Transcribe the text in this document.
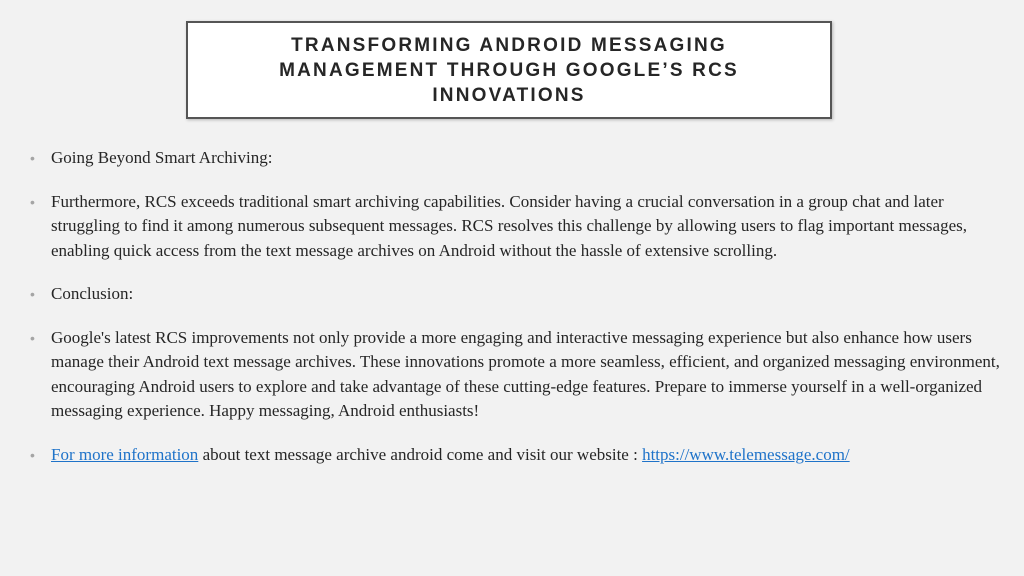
TRANSFORMING ANDROID MESSAGING MANAGEMENT THROUGH GOOGLE’S RCS INNOVATIONS

• Going Beyond Smart Archiving:

• Furthermore, RCS exceeds traditional smart archiving capabilities. Consider having a crucial conversation in a group chat and later struggling to find it among numerous subsequent messages. RCS resolves this challenge by allowing users to flag important messages, enabling quick access from the text message archives on Android without the hassle of extensive scrolling.

• Conclusion:

• Google's latest RCS improvements not only provide a more engaging and interactive messaging experience but also enhance how users manage their Android text message archives. These innovations promote a more seamless, efficient, and organized messaging environment, encouraging Android users to explore and take advantage of these cutting-edge features. Prepare to immerse yourself in a well-organized messaging experience. Happy messaging, Android enthusiasts!

• For more information about text message archive android come and visit our website : https://www.telemessage.com/
